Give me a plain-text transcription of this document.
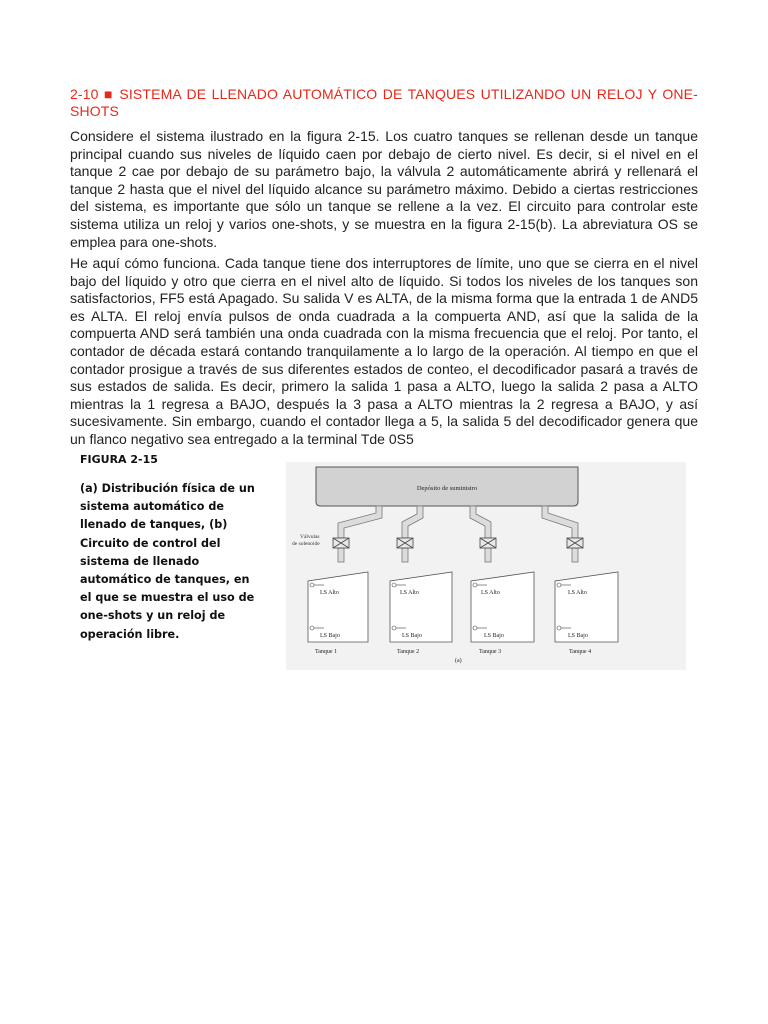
2-10 ■ SISTEMA DE LLENADO AUTOMÁTICO DE TANQUES UTILIZANDO UN RELOJ Y ONE-SHOTS

Considere el sistema ilustrado en la figura 2-15. Los cuatro tanques se rellenan desde un tanque principal cuando sus niveles de líquido caen por debajo de cierto nivel. Es decir, si el nivel en el tanque 2 cae por debajo de su parámetro bajo, la válvula 2 automáticamente abrirá y rellenará el tanque 2 hasta que el nivel del líquido alcance su parámetro máximo. Debido a ciertas restricciones del sistema, es importante que sólo un tanque se rellene a la vez. El circuito para controlar este sistema utiliza un reloj y varios one-shots, y se muestra en la figura 2-15(b). La abreviatura OS se emplea para one-shots.

He aquí cómo funciona. Cada tanque tiene dos interruptores de límite, uno que se cierra en el nivel bajo del líquido y otro que cierra en el nivel alto de líquido. Si todos los niveles de los tanques son satisfactorios, FF5 está Apagado. Su salida V es ALTA, de la misma forma que la entrada 1 de AND5 es ALTA. El reloj envía pulsos de onda cuadrada a la compuerta AND, así que la salida de la compuerta AND será también una onda cuadrada con la misma frecuencia que el reloj. Por tanto, el contador de década estará contando tranquilamente a lo largo de la operación. Al tiempo en que el contador prosigue a través de sus diferentes estados de conteo, el decodificador pasará a través de sus estados de salida. Es decir, primero la salida 1 pasa a ALTO, luego la salida 2 pasa a ALTO mientras la 1 regresa a BAJO, después la 3 pasa a ALTO mientras la 2 regresa a BAJO, y así sucesivamente. Sin embargo, cuando el contador llega a 5, la salida 5 del decodificador genera que un flanco negativo sea entregado a la terminal Tde 0S5

FIGURA 2-15

(a) Distribución física de un sistema automático de llenado de tanques, (b) Circuito de control del sistema de llenado automático de tanques, en el que se muestra el uso de one-shots y un reloj de operación libre.

Depósito de suministro
Válvulas
de solenoide
LS Alto
LS Bajo
Tanque 1
LS Alto
LS Bajo
Tanque 2
LS Alto
LS Bajo
Tanque 3
LS Alto
LS Bajo
Tanque 4
(a)
